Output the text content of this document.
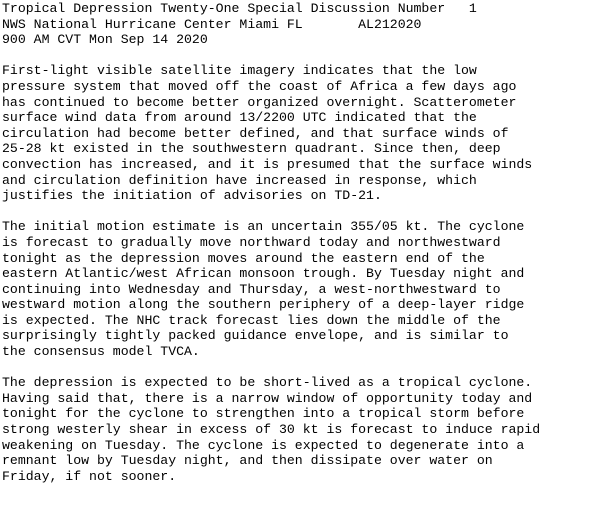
Tropical Depression Twenty-One Special Discussion Number   1
NWS National Hurricane Center Miami FL       AL212020
900 AM CVT Mon Sep 14 2020
First-light visible satellite imagery indicates that the low
pressure system that moved off the coast of Africa a few days ago
has continued to become better organized overnight. Scatterometer
surface wind data from around 13/2200 UTC indicated that the
circulation had become better defined, and that surface winds of
25-28 kt existed in the southwestern quadrant. Since then, deep
convection has increased, and it is presumed that the surface winds
and circulation definition have increased in response, which
justifies the initiation of advisories on TD-21.
The initial motion estimate is an uncertain 355/05 kt. The cyclone
is forecast to gradually move northward today and northwestward
tonight as the depression moves around the eastern end of the
eastern Atlantic/west African monsoon trough. By Tuesday night and
continuing into Wednesday and Thursday, a west-northwestward to
westward motion along the southern periphery of a deep-layer ridge
is expected. The NHC track forecast lies down the middle of the
surprisingly tightly packed guidance envelope, and is similar to
the consensus model TVCA.
The depression is expected to be short-lived as a tropical cyclone.
Having said that, there is a narrow window of opportunity today and
tonight for the cyclone to strengthen into a tropical storm before
strong westerly shear in excess of 30 kt is forecast to induce rapid
weakening on Tuesday. The cyclone is expected to degenerate into a
remnant low by Tuesday night, and then dissipate over water on
Friday, if not sooner.
